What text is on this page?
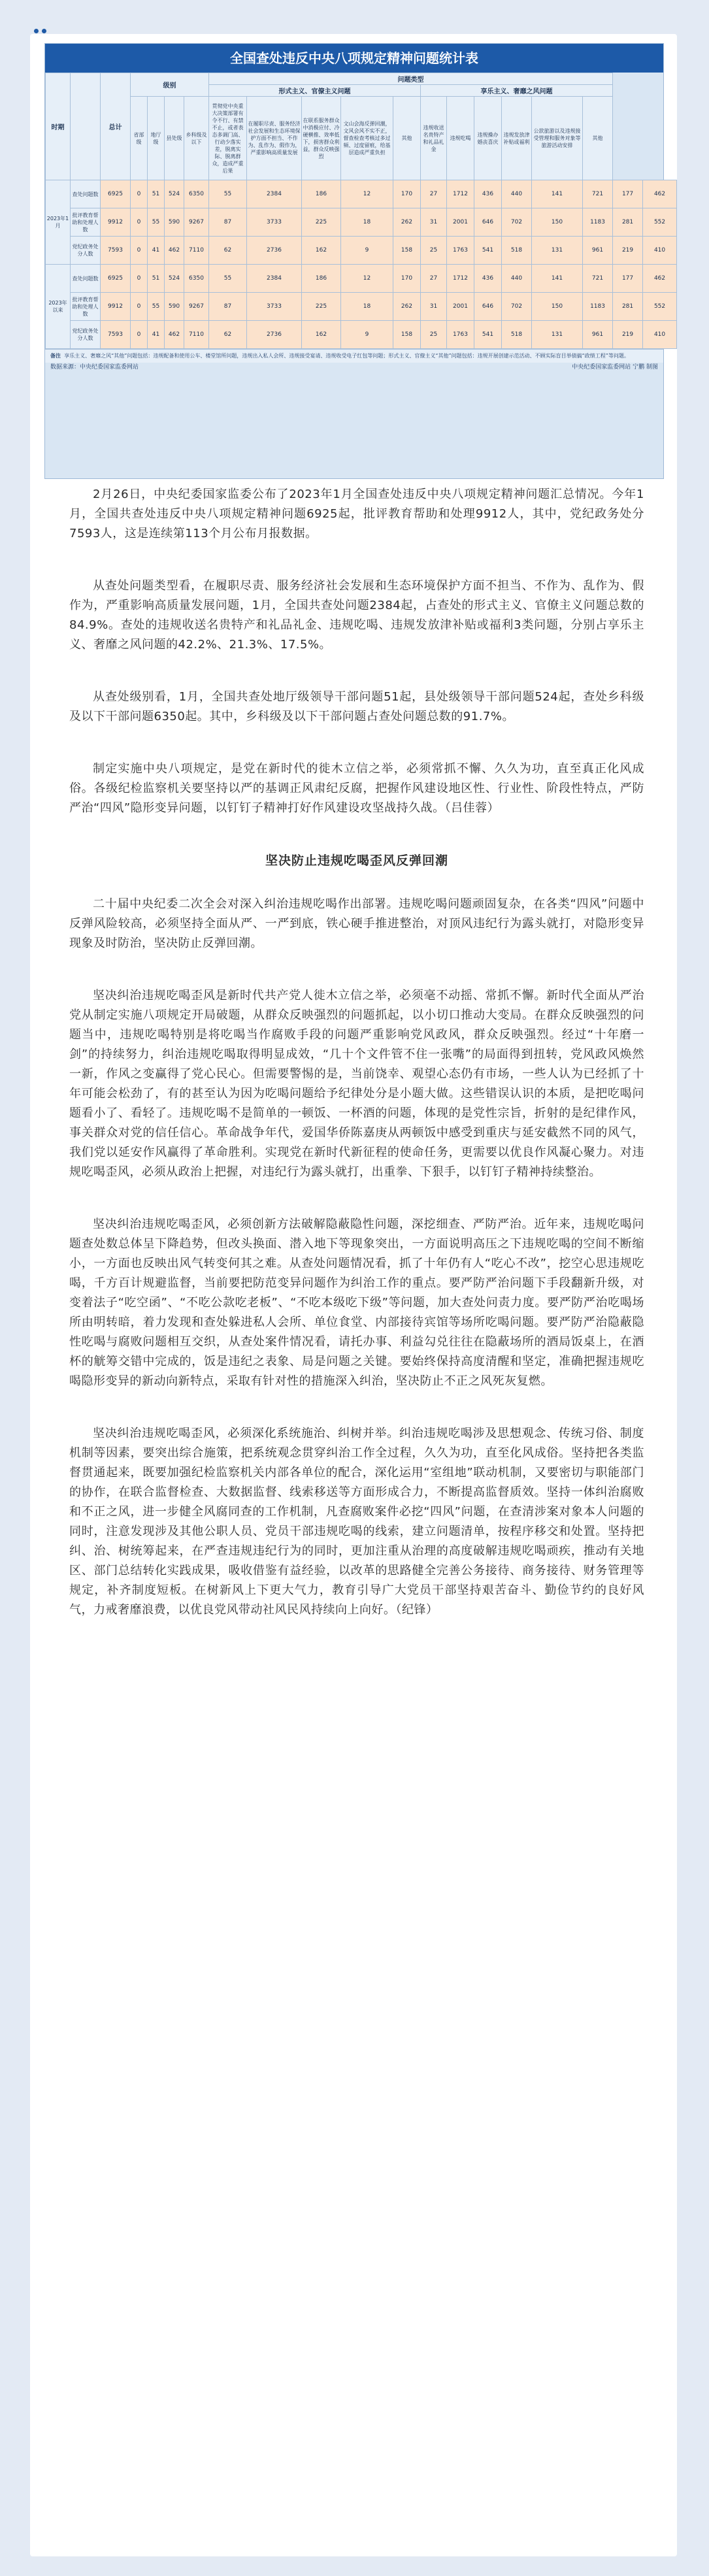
全国查处违反中央八项规定精神问题统计表
时期		总计	级别				问题类型												
							形式主义、官僚主义问题					享乐主义、奢靡之风问题							
			省部级	地厅级	县处级	乡科级及以下	贯彻党中央重大决策部署有令不行、有禁不止，或者表态多调门高、行动少落实差，脱离实际、脱离群众，造成严重后果	在履职尽责、服务经济社会发展和生态环境保护方面不担当、不作为、乱作为、假作为，严重影响高质量发展	在联系服务群众中消极应付、冷硬横推、效率低下，损害群众利益，群众反映强烈	文山会海反弹回潮，文风会风不实不正，督查检查考核过多过频、过度留痕，给基层造成严重负担	其他	违规收送名贵特产和礼品礼金	违规吃喝	违规操办婚丧喜庆	违规发放津补贴或福利	公款旅游以及违规接受管理和服务对象等旅游活动安排	其他		
2023年1月	查处问题数	6925	0	51	524	6350	55	2384	186	12	170	27	1712	436	440	141	721	177	462
	批评教育帮助和处理人数	9912	0	55	590	9267	87	3733	225	18	262	31	2001	646	702	150	1183	281	552
	党纪政务处分人数	7593	0	41	462	7110	62	2736	162	9	158	25	1763	541	518	131	961	219	410
2023年以来	查处问题数	6925	0	51	524	6350	55	2384	186	12	170	27	1712	436	440	141	721	177	462
	批评教育帮助和处理人数	9912	0	55	590	9267	87	3733	225	18	262	31	2001	646	702	150	1183	281	552
	党纪政务处分人数	7593	0	41	462	7110	62	2736	162	9	158	25	1763	541	518	131	961	219	410
备注 享乐主义、奢靡之风“其他”问题包括：违规配备和使用公车、楼堂馆所问题，违规出入私人会所、违规接受宴请、违规收受电子红包等问题；形式主义、官僚主义“其他”问题包括：违规开展创建示范活动、不顾实际盲目举债搞“政绩工程”等问题。
数据来源：中央纪委国家监委网站	中央纪委国家监委网站 宁鹏 制图

2月26日，中央纪委国家监委公布了2023年1月全国查处违反中央八项规定精神问题汇总情况。今年1月，全国共查处违反中央八项规定精神问题6925起，批评教育帮助和处理9912人，其中，党纪政务处分7593人，这是连续第113个月公布月报数据。

从查处问题类型看，在履职尽责、服务经济社会发展和生态环境保护方面不担当、不作为、乱作为、假作为，严重影响高质量发展问题，1月，全国共查处问题2384起，占查处的形式主义、官僚主义问题总数的84.9%。查处的违规收送名贵特产和礼品礼金、违规吃喝、违规发放津补贴或福利3类问题，分别占享乐主义、奢靡之风问题的42.2%、21.3%、17.5%。

从查处级别看，1月，全国共查处地厅级领导干部问题51起，县处级领导干部问题524起，查处乡科级及以下干部问题6350起。其中，乡科级及以下干部问题占查处问题总数的91.7%。

制定实施中央八项规定，是党在新时代的徙木立信之举，必须常抓不懈、久久为功，直至真正化风成俗。各级纪检监察机关要坚持以严的基调正风肃纪反腐，把握作风建设地区性、行业性、阶段性特点，严防严治“四风”隐形变异问题，以钉钉子精神打好作风建设攻坚战持久战。（吕佳蓉）

坚决防止违规吃喝歪风反弹回潮

二十届中央纪委二次全会对深入纠治违规吃喝作出部署。违规吃喝问题顽固复杂，在各类“四风”问题中反弹风险较高，必须坚持全面从严、一严到底，铁心硬手推进整治，对顶风违纪行为露头就打，对隐形变异现象及时防治，坚决防止反弹回潮。

坚决纠治违规吃喝歪风是新时代共产党人徙木立信之举，必须毫不动摇、常抓不懈。新时代全面从严治党从制定实施八项规定开局破题，从群众反映强烈的问题抓起，以小切口推动大变局。在群众反映强烈的问题当中，违规吃喝特别是将吃喝当作腐败手段的问题严重影响党风政风，群众反映强烈。经过“十年磨一剑”的持续努力，纠治违规吃喝取得明显成效，“几十个文件管不住一张嘴”的局面得到扭转，党风政风焕然一新，作风之变赢得了党心民心。但需要警惕的是，当前饶幸、观望心态仍有市场，一些人认为已经抓了十年可能会松劲了，有的甚至认为因为吃喝问题给予纪律处分是小题大做。这些错误认识的本质，是把吃喝问题看小了、看轻了。违规吃喝不是简单的一顿饭、一杯酒的问题，体现的是党性宗旨，折射的是纪律作风，事关群众对党的信任信心。革命战争年代，爱国华侨陈嘉庚从两顿饭中感受到重庆与延安截然不同的风气，我们党以延安作风赢得了革命胜利。实现党在新时代新征程的使命任务，更需要以优良作风凝心聚力。对违规吃喝歪风，必须从政治上把握，对违纪行为露头就打，出重拳、下狠手，以钉钉子精神持续整治。

坚决纠治违规吃喝歪风，必须创新方法破解隐蔽隐性问题，深挖细查、严防严治。近年来，违规吃喝问题查处数总体呈下降趋势，但改头换面、潜入地下等现象突出，一方面说明高压之下违规吃喝的空间不断缩小，一方面也反映出风气转变何其之难。从查处问题情况看，抓了十年仍有人“吃心不改”，挖空心思违规吃喝，千方百计规避监督，当前要把防范变异问题作为纠治工作的重点。要严防严治问题下手段翻新升级，对变着法子“吃空函”、“不吃公款吃老板”、“不吃本级吃下级”等问题，加大查处问责力度。要严防严治吃喝场所由明转暗，着力发现和查处躲进私人会所、单位食堂、内部接待宾馆等场所吃喝问题。要严防严治隐蔽隐性吃喝与腐败问题相互交织，从查处案件情况看，请托办事、利益勾兑往往在隐蔽场所的酒局饭桌上，在酒杯的觥筹交错中完成的，饭是违纪之表象、局是问题之关键。要始终保持高度清醒和坚定，准确把握违规吃喝隐形变异的新动向新特点，采取有针对性的措施深入纠治，坚决防止不正之风死灰复燃。

坚决纠治违规吃喝歪风，必须深化系统施治、纠树并举。纠治违规吃喝涉及思想观念、传统习俗、制度机制等因素，要突出综合施策，把系统观念贯穿纠治工作全过程，久久为功，直至化风成俗。坚持把各类监督贯通起来，既要加强纪检监察机关内部各单位的配合，深化运用“室组地”联动机制，又要密切与职能部门的协作，在联合监督检查、大数据监督、线索移送等方面形成合力，不断提高监督质效。坚持一体纠治腐败和不正之风，进一步健全风腐同查的工作机制，凡查腐败案件必挖“四风”问题，在查清涉案对象本人问题的同时，注意发现涉及其他公职人员、党员干部违规吃喝的线索，建立问题清单，按程序移交和处置。坚持把纠、治、树统筹起来，在严查违规违纪行为的同时，更加注重从治理的高度破解违规吃喝顽疾，推动有关地区、部门总结转化实践成果，吸收借鉴有益经验，以改革的思路健全完善公务接待、商务接待、财务管理等规定，补齐制度短板。在树新风上下更大气力，教育引导广大党员干部坚持艰苦奋斗、勤俭节约的良好风气，力戒奢靡浪费，以优良党风带动社风民风持续向上向好。（纪锋）
